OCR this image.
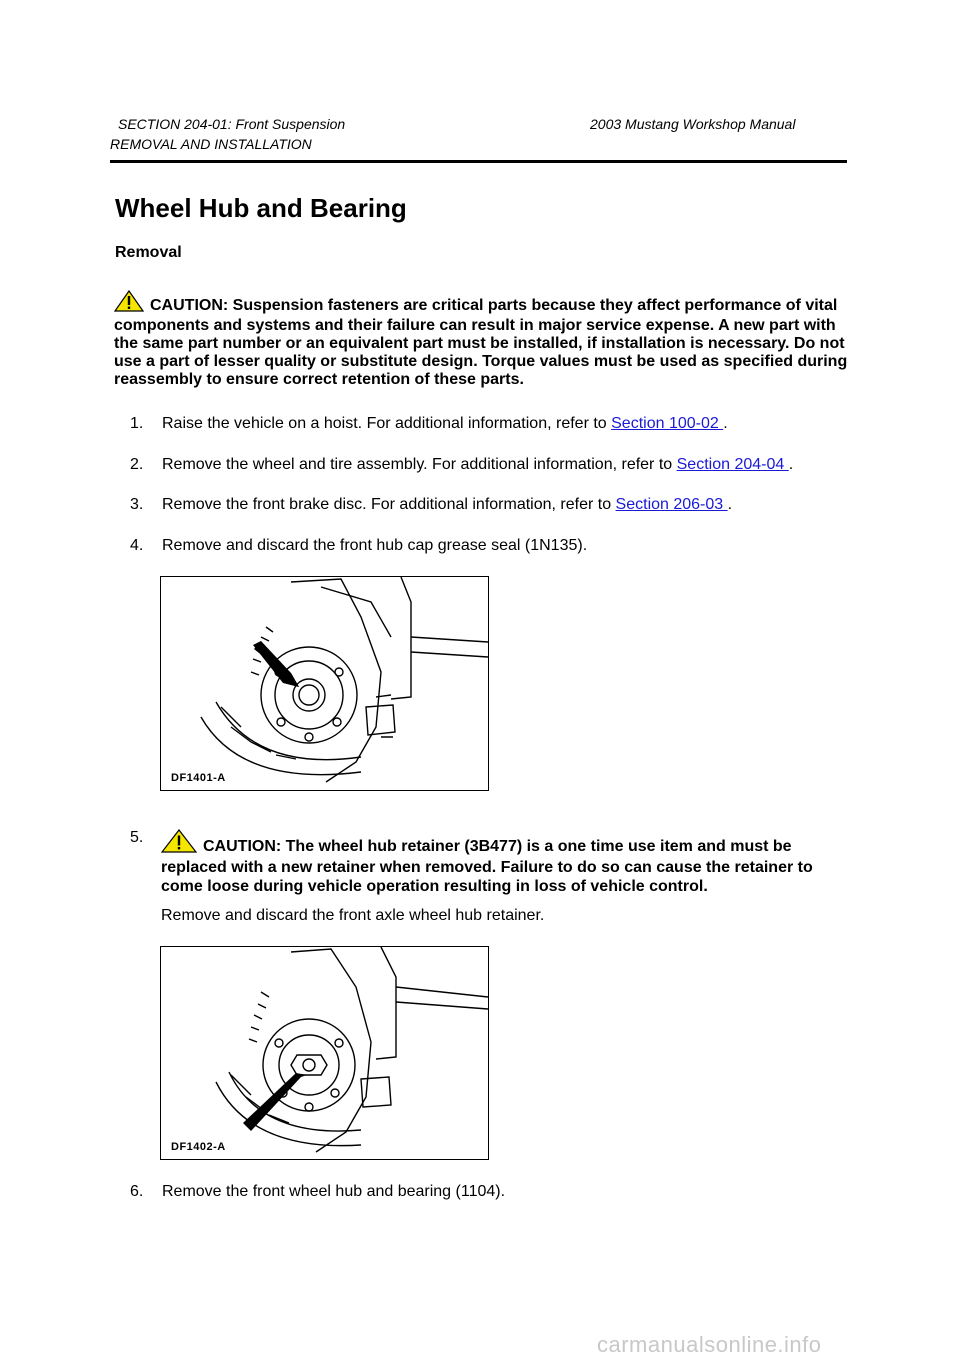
SECTION 204-01: Front Suspension	2003 Mustang Workshop Manual
REMOVAL AND INSTALLATION
Wheel Hub and Bearing
Removal
CAUTION: Suspension fasteners are critical parts because they affect performance of vital components and systems and their failure can result in major service expense. A new part with the same part number or an equivalent part must be installed, if installation is necessary. Do not use a part of lesser quality or substitute design. Torque values must be used as specified during reassembly to ensure correct retention of these parts.
1. Raise the vehicle on a hoist. For additional information, refer to Section 100-02 .
2. Remove the wheel and tire assembly. For additional information, refer to Section 204-04 .
3. Remove the front brake disc. For additional information, refer to Section 206-03 .
4. Remove and discard the front hub cap grease seal (1N135).
DF1401-A
5.
CAUTION: The wheel hub retainer (3B477) is a one time use item and must be replaced with a new retainer when removed. Failure to do so can cause the retainer to come loose during vehicle operation resulting in loss of vehicle control.
Remove and discard the front axle wheel hub retainer.
DF1402-A
6. Remove the front wheel hub and bearing (1104).
carmanualsonline.info
